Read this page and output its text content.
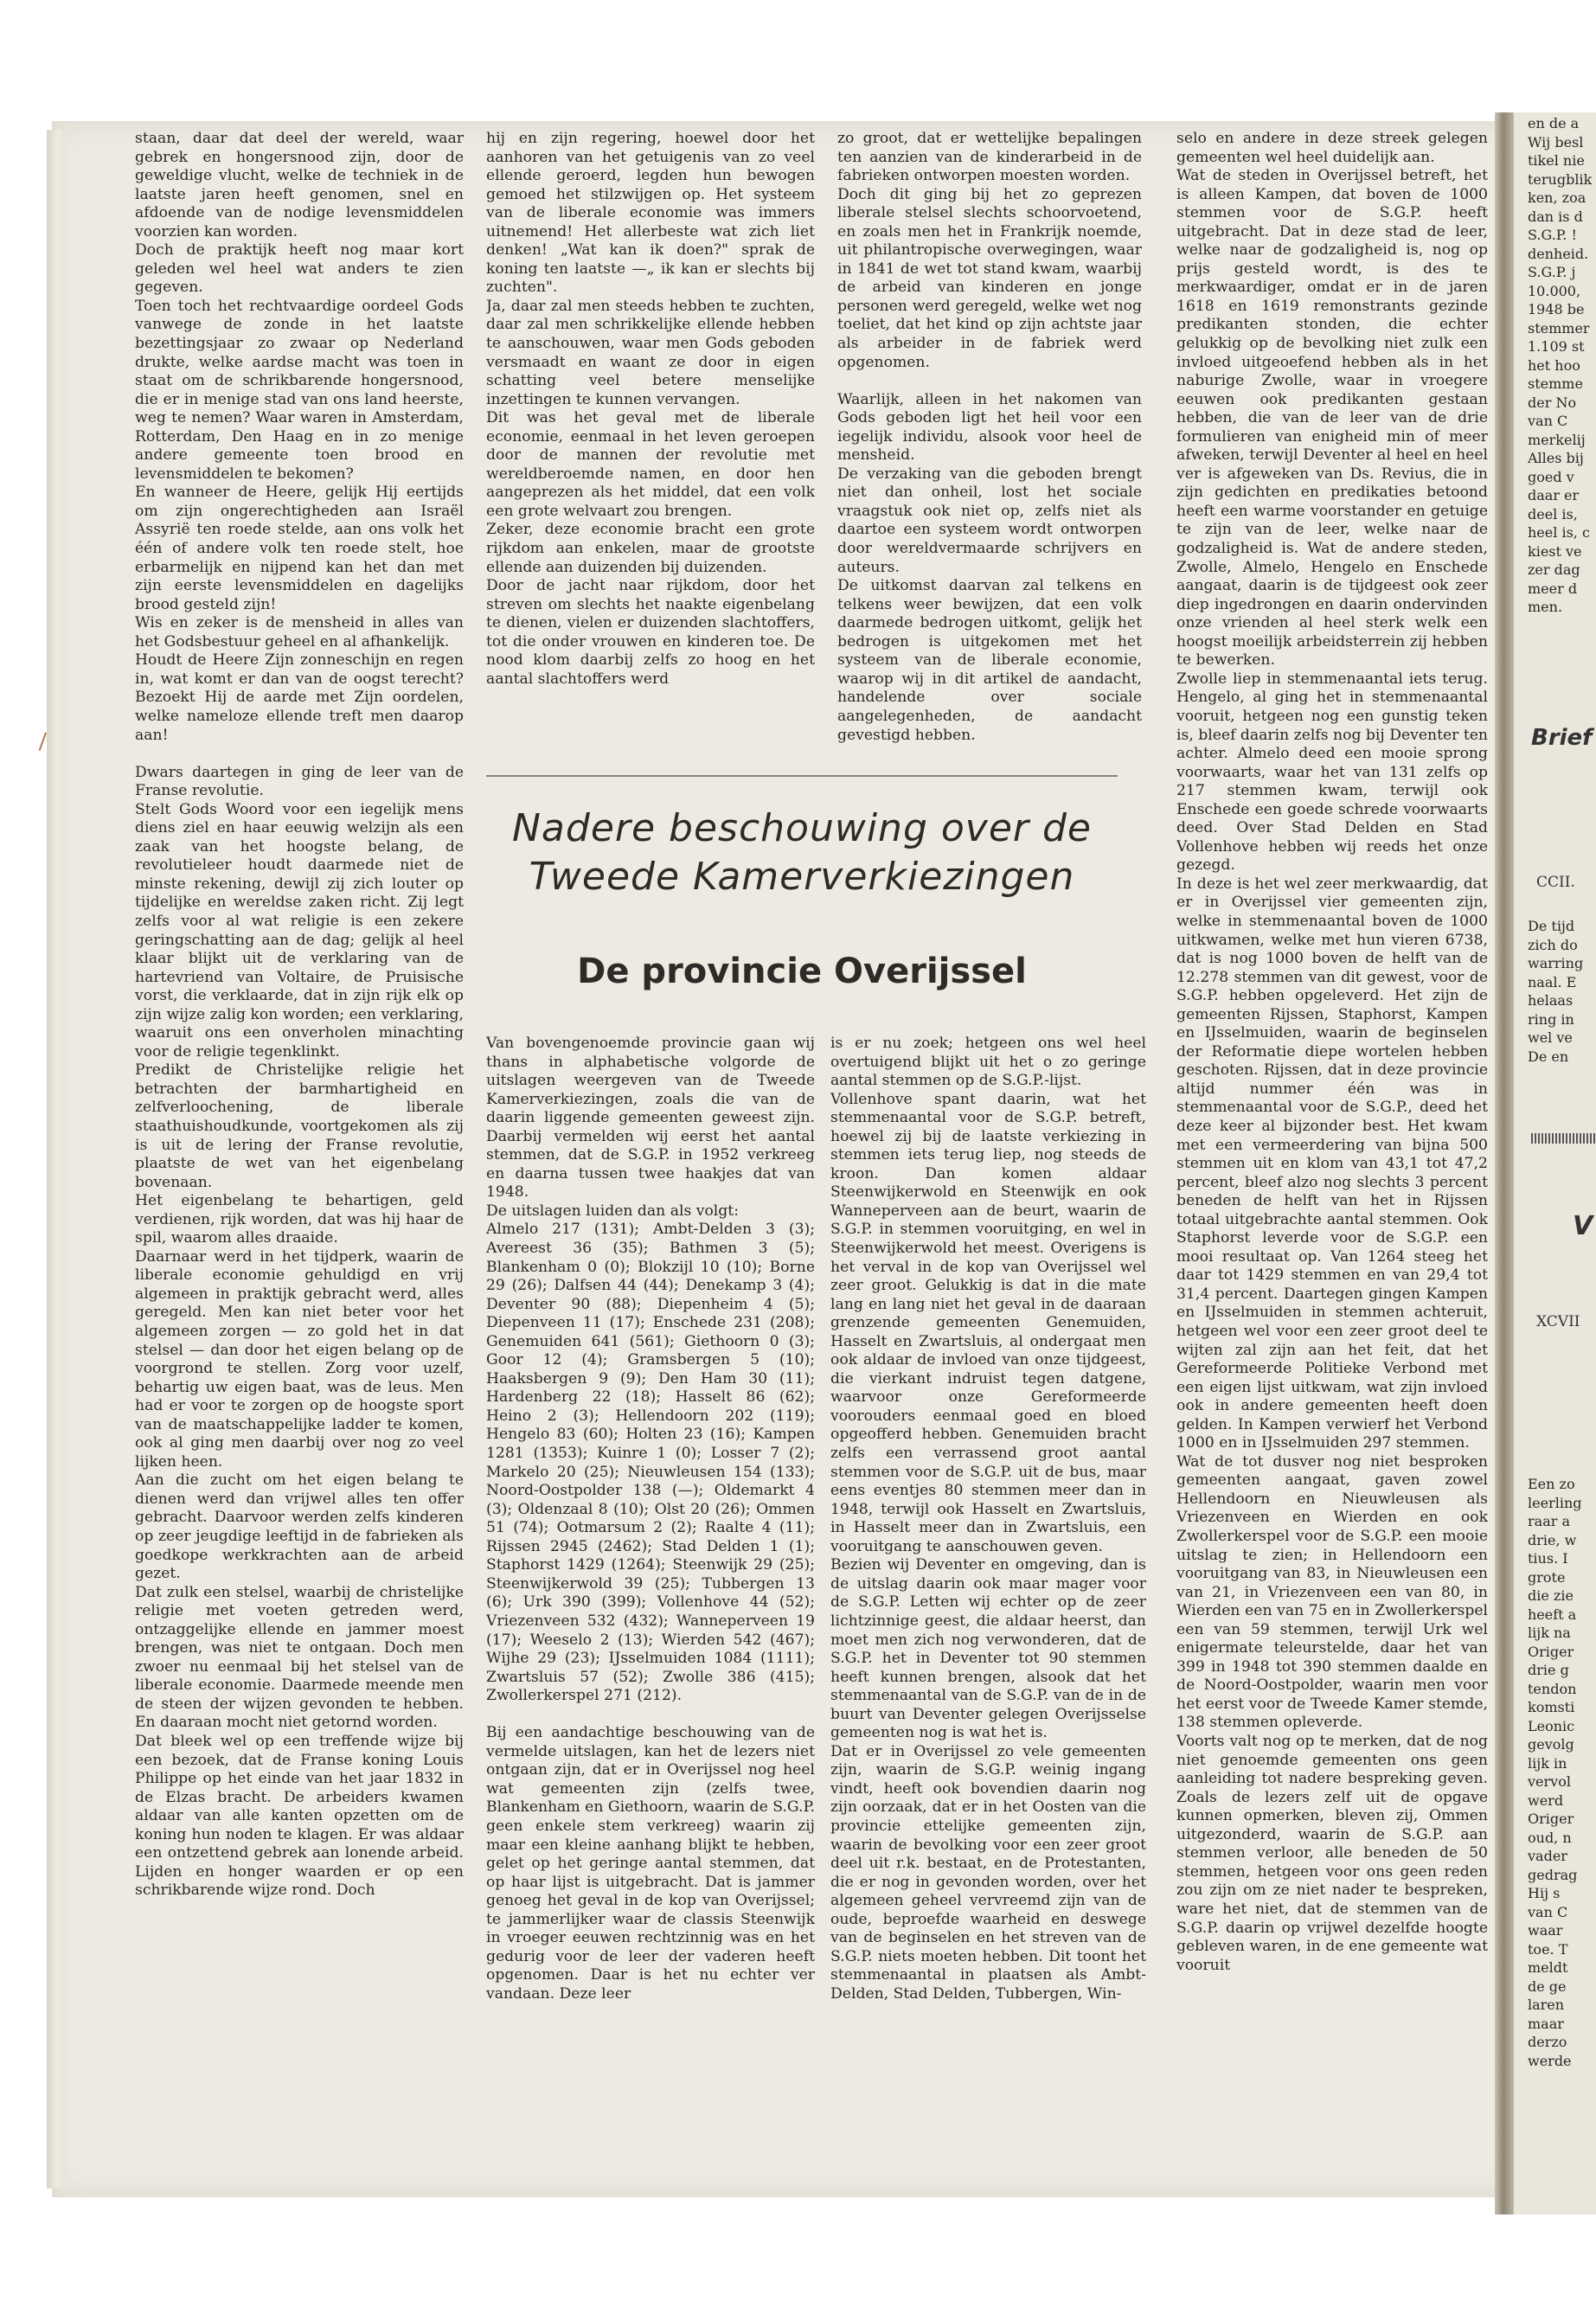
staan, daar dat deel der wereld, waar gebrek en hongersnood zijn, door de geweldige vlucht, welke de techniek in de laatste jaren heeft genomen, snel en afdoende van de nodige levensmiddelen voorzien kan worden.
Doch de praktijk heeft nog maar kort geleden wel heel wat anders te zien gegeven.
Toen toch het rechtvaardige oordeel Gods vanwege de zonde in het laatste bezettingsjaar zo zwaar op Nederland drukte, welke aardse macht was toen in staat om de schrikbarende hongersnood, die er in menige stad van ons land heerste, weg te nemen? Waar waren in Amsterdam, Rotterdam, Den Haag en in zo menige andere gemeente toen brood en levensmiddelen te bekomen?
En wanneer de Heere, gelijk Hij eertijds om zijn ongerechtigheden aan Israël Assyrië ten roede stelde, aan ons volk het één of andere volk ten roede stelt, hoe erbarmelijk en nijpend kan het dan met zijn eerste levensmiddelen en dagelijks brood gesteld zijn!
Wis en zeker is de mensheid in alles van het Godsbestuur geheel en al afhankelijk.
Houdt de Heere Zijn zonneschijn en regen in, wat komt er dan van de oogst terecht? Bezoekt Hij de aarde met Zijn oordelen, welke nameloze ellende treft men daarop aan!

Dwars daartegen in ging de leer van de Franse revolutie.
Stelt Gods Woord voor een iegelijk mens diens ziel en haar eeuwig welzijn als een zaak van het hoogste belang, de revolutieleer houdt daarmede niet de minste rekening, dewijl zij zich louter op tijdelijke en wereldse zaken richt. Zij legt zelfs voor al wat religie is een zekere geringschatting aan de dag; gelijk al heel klaar blijkt uit de verklaring van de hartevriend van Voltaire, de Pruisische vorst, die verklaarde, dat in zijn rijk elk op zijn wijze zalig kon worden; een verklaring, waaruit ons een onverholen minachting voor de religie tegenklinkt.
Predikt de Christelijke religie het betrachten der barmhartigheid en zelfverloochening, de liberale staathuishoudkunde, voortgekomen als zij is uit de lering der Franse revolutie, plaatste de wet van het eigenbelang bovenaan.
Het eigenbelang te behartigen, geld verdienen, rijk worden, dat was hij haar de spil, waarom alles draaide.
Daarnaar werd in het tijdperk, waarin de liberale economie gehuldigd en vrij algemeen in praktijk gebracht werd, alles geregeld. Men kan niet beter voor het algemeen zorgen — zo gold het in dat stelsel — dan door het eigen belang op de voorgrond te stellen. Zorg voor uzelf, behartig uw eigen baat, was de leus. Men had er voor te zorgen op de hoogste sport van de maatschappelijke ladder te komen, ook al ging men daarbij over nog zo veel lijken heen.
Aan die zucht om het eigen belang te dienen werd dan vrijwel alles ten offer gebracht. Daarvoor werden zelfs kinderen op zeer jeugdige leeftijd in de fabrieken als goedkope werkkrachten aan de arbeid gezet.
Dat zulk een stelsel, waarbij de christelijke religie met voeten getreden werd, ontzaggelijke ellende en jammer moest brengen, was niet te ontgaan. Doch men zwoer nu eenmaal bij het stelsel van de liberale economie. Daarmede meende men de steen der wijzen gevonden te hebben. En daaraan mocht niet getornd worden.
Dat bleek wel op een treffende wijze bij een bezoek, dat de Franse koning Louis Philippe op het einde van het jaar 1832 in de Elzas bracht. De arbeiders kwamen aldaar van alle kanten opzetten om de koning hun noden te klagen. Er was aldaar een ontzettend gebrek aan lonende arbeid. Lijden en honger waarden er op een schrikbarende wijze rond. Doch
hij en zijn regering, hoewel door het aanhoren van het getuigenis van zo veel ellende geroerd, legden hun bewogen gemoed het stilzwijgen op. Het systeem van de liberale economie was immers uitnemend! Het allerbeste wat zich liet denken! „Wat kan ik doen?" sprak de koning ten laatste —„ ik kan er slechts bij zuchten".
Ja, daar zal men steeds hebben te zuchten, daar zal men schrikkelijke ellende hebben te aanschouwen, waar men Gods geboden versmaadt en waant ze door in eigen schatting veel betere menselijke inzettingen te kunnen vervangen.
Dit was het geval met de liberale economie, eenmaal in het leven geroepen door de mannen der revolutie met wereldberoemde namen, en door hen aangeprezen als het middel, dat een volk een grote welvaart zou brengen.
Zeker, deze economie bracht een grote rijkdom aan enkelen, maar de grootste ellende aan duizenden bij duizenden.
Door de jacht naar rijkdom, door het streven om slechts het naakte eigenbelang te dienen, vielen er duizenden slachtoffers, tot die onder vrouwen en kinderen toe. De nood klom daarbij zelfs zo hoog en het aantal slachtoffers werd
zo groot, dat er wettelijke bepalingen ten aanzien van de kinderarbeid in de fabrieken ontworpen moesten worden.
Doch dit ging bij het zo geprezen liberale stelsel slechts schoorvoetend, en zoals men het in Frankrijk noemde, uit philantropische overwegingen, waar in 1841 de wet tot stand kwam, waarbij de arbeid van kinderen en jonge personen werd geregeld, welke wet nog toeliet, dat het kind op zijn achtste jaar als arbeider in de fabriek werd opgenomen.

Waarlijk, alleen in het nakomen van Gods geboden ligt het heil voor een iegelijk individu, alsook voor heel de mensheid.
De verzaking van die geboden brengt niet dan onheil, lost het sociale vraagstuk ook niet op, zelfs niet als daartoe een systeem wordt ontworpen door wereldvermaarde schrijvers en auteurs.
De uitkomst daarvan zal telkens en telkens weer bewijzen, dat een volk daarmede bedrogen uitkomt, gelijk het bedrogen is uitgekomen met het systeem van de liberale economie, waarop wij in dit artikel de aandacht, handelende over sociale aangelegenheden, de aandacht gevestigd hebben.
selo en andere in deze streek gelegen gemeenten wel heel duidelijk aan.
Wat de steden in Overijssel betreft, het is alleen Kampen, dat boven de 1000 stemmen voor de S.G.P. heeft uitgebracht. Dat in deze stad de leer, welke naar de godzaligheid is, nog op prijs gesteld wordt, is des te merkwaardiger, omdat er in de jaren 1618 en 1619 remonstrants gezinde predikanten stonden, die echter gelukkig op de bevolking niet zulk een invloed uitgeoefend hebben als in het naburige Zwolle, waar in vroegere eeuwen ook predikanten gestaan hebben, die van de leer van de drie formulieren van enigheid min of meer afweken, terwijl Deventer al heel en heel ver is afgeweken van Ds. Revius, die in zijn gedichten en predikaties betoond heeft een warme voorstander en getuige te zijn van de leer, welke naar de godzaligheid is. Wat de andere steden, Zwolle, Almelo, Hengelo en Enschede aangaat, daarin is de tijdgeest ook zeer diep ingedrongen en daarin ondervinden onze vrienden al heel sterk welk een hoogst moeilijk arbeidsterrein zij hebben te bewerken.
Zwolle liep in stemmenaantal iets terug. Hengelo, al ging het in stemmenaantal vooruit, hetgeen nog een gunstig teken is, bleef daarin zelfs nog bij Deventer ten achter. Almelo deed een mooie sprong voorwaarts, waar het van 131 zelfs op 217 stemmen kwam, terwijl ook Enschede een goede schrede voorwaarts deed. Over Stad Delden en Stad Vollenhove hebben wij reeds het onze gezegd.
In deze is het wel zeer merkwaardig, dat er in Overijssel vier gemeenten zijn, welke in stemmenaantal boven de 1000 uitkwamen, welke met hun vieren 6738, dat is nog 1000 boven de helft van de 12.278 stemmen van dit gewest, voor de S.G.P. hebben opgeleverd. Het zijn de gemeenten Rijssen, Staphorst, Kampen en IJsselmuiden, waarin de beginselen der Reformatie diepe wortelen hebben geschoten. Rijssen, dat in deze provincie altijd nummer één was in stemmenaantal voor de S.G.P., deed het deze keer al bijzonder best. Het kwam met een vermeerdering van bijna 500 stemmen uit en klom van 43,1 tot 47,2 percent, bleef alzo nog slechts 3 percent beneden de helft van het in Rijssen totaal uitgebrachte aantal stemmen. Ook Staphorst leverde voor de S.G.P. een mooi resultaat op. Van 1264 steeg het daar tot 1429 stemmen en van 29,4 tot 31,4 percent. Daartegen gingen Kampen en IJsselmuiden in stemmen achteruit, hetgeen wel voor een zeer groot deel te wijten zal zijn aan het feit, dat het Gereformeerde Politieke Verbond met een eigen lijst uitkwam, wat zijn invloed ook in andere gemeenten heeft doen gelden. In Kampen verwierf het Verbond 1000 en in IJsselmuiden 297 stemmen.
Wat de tot dusver nog niet besproken gemeenten aangaat, gaven zowel Hellendoorn en Nieuwleusen als Vriezenveen en Wierden en ook Zwollerkerspel voor de S.G.P. een mooie uitslag te zien; in Hellendoorn een vooruitgang van 83, in Nieuwleusen een van 21, in Vriezenveen een van 80, in Wierden een van 75 en in Zwollerkerspel een van 59 stemmen, terwijl Urk wel enigermate teleurstelde, daar het van 399 in 1948 tot 390 stemmen daalde en de Noord-Oostpolder, waarin men voor het eerst voor de Tweede Kamer stemde, 138 stemmen opleverde.
Voorts valt nog op te merken, dat de nog niet genoemde gemeenten ons geen aanleiding tot nadere bespreking geven. Zoals de lezers zelf uit de opgave kunnen opmerken, bleven zij, Ommen uitgezonderd, waarin de S.G.P. aan stemmen verloor, alle beneden de 50 stemmen, hetgeen voor ons geen reden zou zijn om ze niet nader te bespreken, ware het niet, dat de stemmen van de S.G.P. daarin op vrijwel dezelfde hoogte gebleven waren, in de ene gemeente wat vooruit
Nadere beschouwing over de
Tweede Kamerverkiezingen
De provincie Overijssel
Van bovengenoemde provincie gaan wij thans in alphabetische volgorde de uitslagen weergeven van de Tweede Kamerverkiezingen, zoals die van de daarin liggende gemeenten geweest zijn. Daarbij vermelden wij eerst het aantal stemmen, dat de S.G.P. in 1952 verkreeg en daarna tussen twee haakjes dat van 1948.
De uitslagen luiden dan als volgt:
Almelo 217 (131); Ambt-Delden 3 (3); Avereest 36 (35); Bathmen 3 (5); Blankenham 0 (0); Blokzijl 10 (10); Borne 29 (26); Dalfsen 44 (44); Denekamp 3 (4); Deventer 90 (88); Diepenheim 4 (5); Diepenveen 11 (17); Enschede 231 (208); Genemuiden 641 (561); Giethoorn 0 (3); Goor 12 (4); Gramsbergen 5 (10); Haaksbergen 9 (9); Den Ham 30 (11); Hardenberg 22 (18); Hasselt 86 (62); Heino 2 (3); Hellendoorn 202 (119); Hengelo 83 (60); Holten 23 (16); Kampen 1281 (1353); Kuinre 1 (0); Losser 7 (2); Markelo 20 (25); Nieuwleusen 154 (133); Noord-Oostpolder 138 (—); Oldemarkt 4 (3); Oldenzaal 8 (10); Olst 20 (26); Ommen 51 (74); Ootmarsum 2 (2); Raalte 4 (11); Rijssen 2945 (2462); Stad Delden 1 (1); Staphorst 1429 (1264); Steenwijk 29 (25); Steenwijkerwold 39 (25); Tubbergen 13 (6); Urk 390 (399); Vollenhove 44 (52); Vriezenveen 532 (432); Wanneperveen 19 (17); Weeselo 2 (13); Wierden 542 (467); Wijhe 29 (23); IJsselmuiden 1084 (1111); Zwartsluis 57 (52); Zwolle 386 (415); Zwollerkerspel 271 (212).

Bij een aandachtige beschouwing van de vermelde uitslagen, kan het de lezers niet ontgaan zijn, dat er in Overijssel nog heel wat gemeenten zijn (zelfs twee, Blankenham en Giethoorn, waarin de S.G.P. geen enkele stem verkreeg) waarin zij maar een kleine aanhang blijkt te hebben, gelet op het geringe aantal stemmen, dat op haar lijst is uitgebracht. Dat is jammer genoeg het geval in de kop van Overijssel; te jammerlijker waar de classis Steenwijk in vroeger eeuwen rechtzinnig was en het gedurig voor de leer der vaderen heeft opgenomen. Daar is het nu echter ver vandaan. Deze leer
is er nu zoek; hetgeen ons wel heel overtuigend blijkt uit het o zo geringe aantal stemmen op de S.G.P.-lijst.
Vollenhove spant daarin, wat het stemmenaantal voor de S.G.P. betreft, hoewel zij bij de laatste verkiezing in stemmen iets terug liep, nog steeds de kroon. Dan komen aldaar Steenwijkerwold en Steenwijk en ook Wanneperveen aan de beurt, waarin de S.G.P. in stemmen vooruitging, en wel in Steenwijkerwold het meest. Overigens is het verval in de kop van Overijssel wel zeer groot. Gelukkig is dat in die mate lang en lang niet het geval in de daaraan grenzende gemeenten Genemuiden, Hasselt en Zwartsluis, al ondergaat men ook aldaar de invloed van onze tijdgeest, die vierkant indruist tegen datgene, waarvoor onze Gereformeerde voorouders eenmaal goed en bloed opgeofferd hebben. Genemuiden bracht zelfs een verrassend groot aantal stemmen voor de S.G.P. uit de bus, maar eens eventjes 80 stemmen meer dan in 1948, terwijl ook Hasselt en Zwartsluis, in Hasselt meer dan in Zwartsluis, een vooruitgang te aanschouwen geven.
Bezien wij Deventer en omgeving, dan is de uitslag daarin ook maar mager voor de S.G.P. Letten wij echter op de zeer lichtzinnige geest, die aldaar heerst, dan moet men zich nog verwonderen, dat de S.G.P. het in Deventer tot 90 stemmen heeft kunnen brengen, alsook dat het stemmenaantal van de S.G.P. van de in de buurt van Deventer gelegen Overijsselse gemeenten nog is wat het is.
Dat er in Overijssel zo vele gemeenten zijn, waarin de S.G.P. weinig ingang vindt, heeft ook bovendien daarin nog zijn oorzaak, dat er in het Oosten van die provincie ettelijke gemeenten zijn, waarin de bevolking voor een zeer groot deel uit r.k. bestaat, en de Protestanten, die er nog in gevonden worden, over het algemeen geheel vervreemd zijn van de oude, beproefde waarheid en deswege van de beginselen en het streven van de S.G.P. niets moeten hebben. Dit toont het stemmenaantal in plaatsen als Ambt-Delden, Stad Delden, Tubbergen, Win-
en de a
Wij besl
tikel nie
terugblik
ken, zoa
dan is d
S.G.P. !
denheid.
S.G.P. j
10.000,
1948 be
stemmer
1.109 st
het hoo
stemme
der No
van C
merkelij
Alles bij
goed v
daar er
deel is,
heel is, c
kiest ve
zer dag
meer d
men.
Brief
CCII.
De tijd
zich do
warring
naal. E
helaas
ring in
wel ve
De en
V
XCVII
Een zo
leerling
raar a
drie, w
tius. I
grote
die zie
heeft a
lijk na
Origer
drie g
tendon
komsti
Leonic
gevolg
lijk in
vervol
werd
Origer
oud, n
vader
gedrag
Hij s
van C
waar
toe. T
meldt
de ge
laren
maar
derzo
werde
